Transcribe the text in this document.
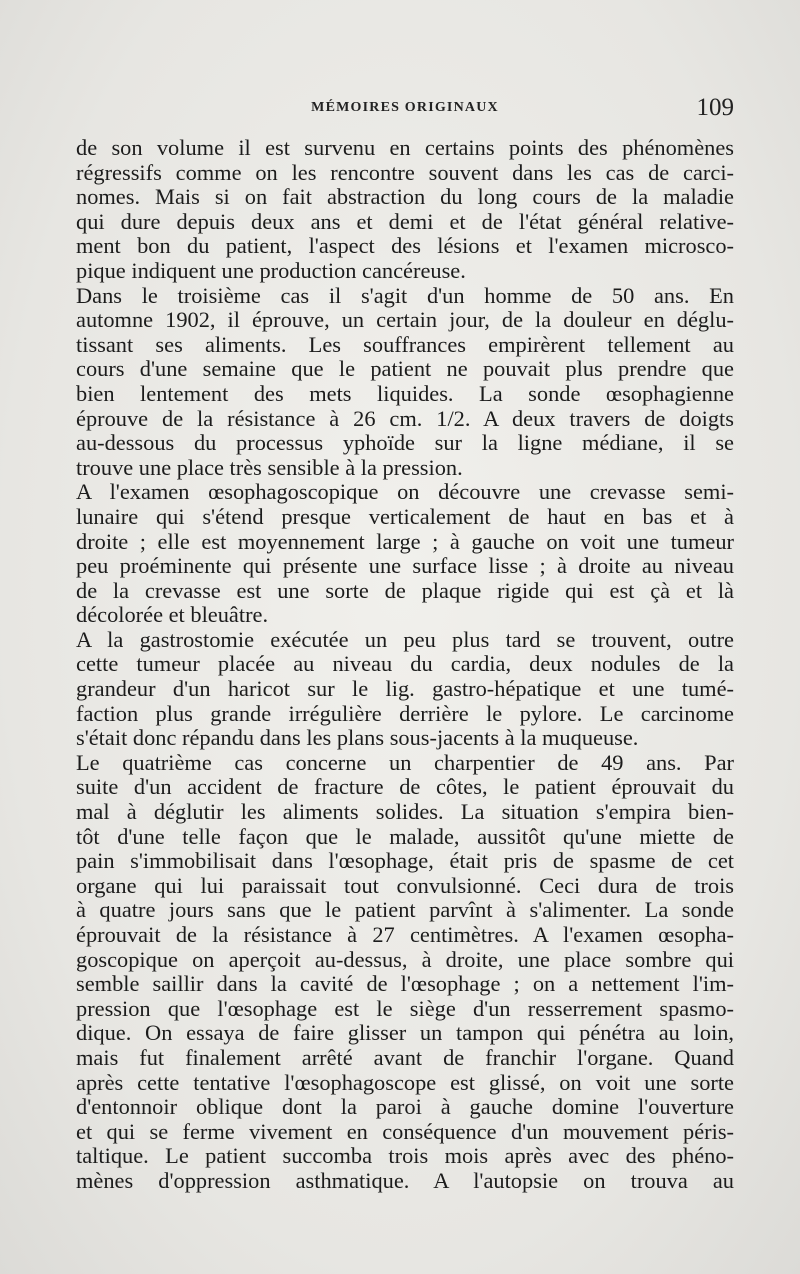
MÉMOIRES ORIGINAUX	109
de son volume il est survenu en certains points des phénomènes
régressifs comme on les rencontre souvent dans les cas de carci-
nomes. Mais si on fait abstraction du long cours de la maladie
qui dure depuis deux ans et demi et de l'état général relative-
ment bon du patient, l'aspect des lésions et l'examen microsco-
pique indiquent une production cancéreuse.
Dans le troisième cas il s'agit d'un homme de 50 ans. En
automne 1902, il éprouve, un certain jour, de la douleur en déglu-
tissant ses aliments. Les souffrances empirèrent tellement au
cours d'une semaine que le patient ne pouvait plus prendre que
bien lentement des mets liquides. La sonde œsophagienne
éprouve de la résistance à 26 cm. 1/2. A deux travers de doigts
au-dessous du processus yphoïde sur la ligne médiane, il se
trouve une place très sensible à la pression.
A l'examen œsophagoscopique on découvre une crevasse semi-
lunaire qui s'étend presque verticalement de haut en bas et à
droite ; elle est moyennement large ; à gauche on voit une tumeur
peu proéminente qui présente une surface lisse ; à droite au niveau
de la crevasse est une sorte de plaque rigide qui est çà et là
décolorée et bleuâtre.
A la gastrostomie exécutée un peu plus tard se trouvent, outre
cette tumeur placée au niveau du cardia, deux nodules de la
grandeur d'un haricot sur le lig. gastro-hépatique et une tumé-
faction plus grande irrégulière derrière le pylore. Le carcinome
s'était donc répandu dans les plans sous-jacents à la muqueuse.
Le quatrième cas concerne un charpentier de 49 ans. Par
suite d'un accident de fracture de côtes, le patient éprouvait du
mal à déglutir les aliments solides. La situation s'empira bien-
tôt d'une telle façon que le malade, aussitôt qu'une miette de
pain s'immobilisait dans l'œsophage, était pris de spasme de cet
organe qui lui paraissait tout convulsionné. Ceci dura de trois
à quatre jours sans que le patient parvînt à s'alimenter. La sonde
éprouvait de la résistance à 27 centimètres. A l'examen œsopha-
goscopique on aperçoit au-dessus, à droite, une place sombre qui
semble saillir dans la cavité de l'œsophage ; on a nettement l'im-
pression que l'œsophage est le siège d'un resserrement spasmo-
dique. On essaya de faire glisser un tampon qui pénétra au loin,
mais fut finalement arrêté avant de franchir l'organe. Quand
après cette tentative l'œsophagoscope est glissé, on voit une sorte
d'entonnoir oblique dont la paroi à gauche domine l'ouverture
et qui se ferme vivement en conséquence d'un mouvement péris-
taltique. Le patient succomba trois mois après avec des phéno-
mènes d'oppression asthmatique. A l'autopsie on trouva au
